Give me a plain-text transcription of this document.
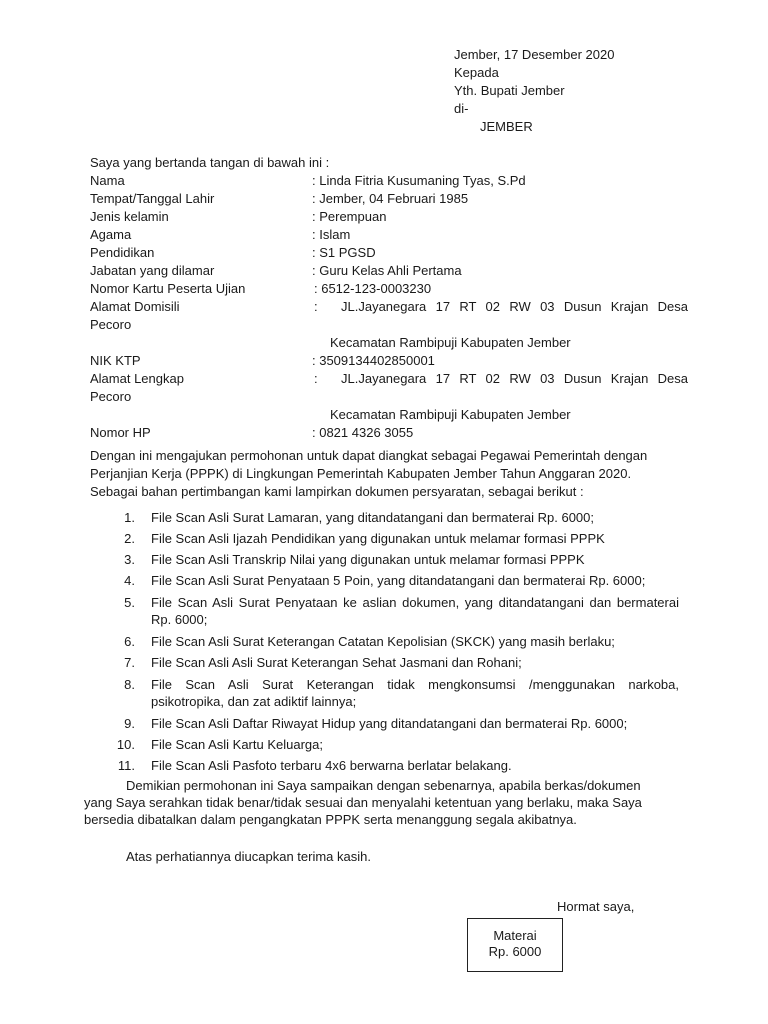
Jember, 17 Desember 2020
Kepada
Yth. Bupati Jember
di-
JEMBER
Saya yang bertanda tangan di bawah ini :
Nama	: Linda Fitria Kusumaning Tyas, S.Pd
Tempat/Tanggal Lahir	: Jember, 04 Februari 1985
Jenis kelamin	: Perempuan
Agama	: Islam
Pendidikan	: S1 PGSD
Jabatan yang dilamar	: Guru Kelas Ahli Pertama
Nomor Kartu Peserta Ujian	: 6512-123-0003230
Alamat Domisili	: JL.Jayanegara 17 RT 02 RW 03 Dusun Krajan Desa
Pecoro
Kecamatan Rambipuji Kabupaten Jember
NIK KTP	: 3509134402850001
Alamat Lengkap	: JL.Jayanegara 17 RT 02 RW 03 Dusun Krajan Desa
Pecoro
Kecamatan Rambipuji Kabupaten Jember
Nomor HP	: 0821 4326 3055
Dengan ini mengajukan permohonan untuk dapat diangkat sebagai Pegawai Pemerintah dengan
Perjanjian Kerja (PPPK) di Lingkungan Pemerintah Kabupaten Jember Tahun Anggaran 2020.
Sebagai bahan pertimbangan kami lampirkan dokumen persyaratan, sebagai berikut :
1. File Scan Asli Surat Lamaran, yang ditandatangani dan bermaterai Rp. 6000;
2. File Scan Asli Ijazah Pendidikan yang digunakan untuk melamar formasi PPPK
3. File Scan Asli Transkrip Nilai yang digunakan untuk melamar formasi PPPK
4. File Scan Asli Surat Penyataan 5 Poin, yang ditandatangani dan bermaterai Rp. 6000;
5. File Scan Asli Surat Penyataan ke aslian dokumen, yang ditandatangani dan bermaterai
Rp. 6000;
6. File Scan Asli Surat Keterangan Catatan Kepolisian (SKCK) yang masih berlaku;
7. File Scan Asli Asli Surat Keterangan Sehat Jasmani dan Rohani;
8. File Scan Asli Surat Keterangan tidak mengkonsumsi /menggunakan narkoba,
psikotropika, dan zat adiktif lainnya;
9. File Scan Asli Daftar Riwayat Hidup yang ditandatangani dan bermaterai Rp. 6000;
10. File Scan Asli Kartu Keluarga;
11. File Scan Asli Pasfoto terbaru 4x6 berwarna berlatar belakang.
Demikian permohonan ini Saya sampaikan dengan sebenarnya, apabila berkas/dokumen
yang Saya serahkan tidak benar/tidak sesuai dan menyalahi ketentuan yang berlaku, maka Saya
bersedia dibatalkan dalam pengangkatan PPPK serta menanggung segala akibatnya.
Atas perhatiannya diucapkan terima kasih.
Hormat saya,
Materai
Rp. 6000
